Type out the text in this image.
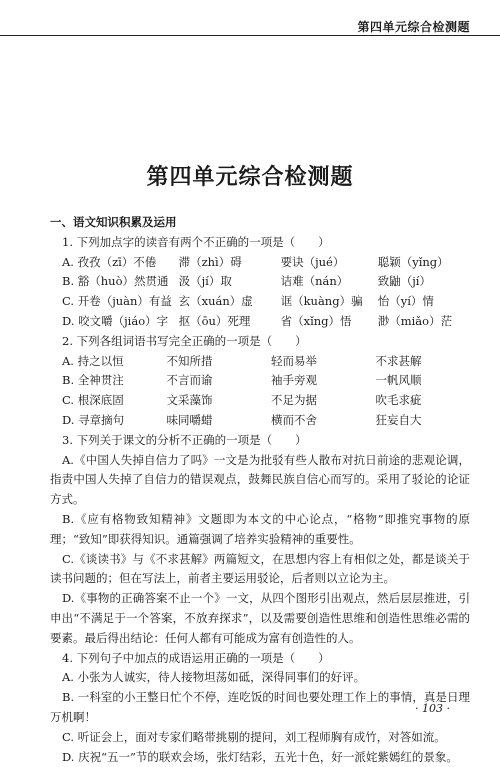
第四单元综合检测题
第四单元综合检测题
一、语文知识积累及运用
1. 下列加点字的读音有两个不正确的一项是（　　）
A. 孜孜（zī）不倦	滞（zhì）碍	要诀（jué）	聪颖（yǐng）
B. 豁（huò）然贯通 汲（jí）取	诘难（nán）	致鼬（jí）
C. 开卷（juàn）有益 玄（xuán）虚	诓（kuàng）骗	怡（yí）情
D. 咬文嚼（jiáo）字 抠（ōu）死理	省（xǐng）悟	渺（miǎo）茫
2. 下列各组词语书写完全正确的一项是（　　）
A. 持之以恒	不知所措	轻而易举	不求甚解
B. 全神贯注	不言而谕	袖手旁观	一帆风顺
C. 根深底固	文采藻饰	不足为据	吹毛求疵
D. 寻章摘句	味同嚼蜡	横而不舍	狂妄自大
3. 下列关于课文的分析不正确的一项是（　　）
A.《中国人失掉自信力了吗》一文是为批驳有些人散布对抗日前途的悲观论调，指责中国人失掉了自信力的错误观点，鼓舞民族自信心而写的。采用了驳论的论证方式。
B.《应有格物致知精神》文题即为本文的中心论点，“格物”即推究事物的原理；“致知”即获得知识。通篇强调了培养实验精神的重要性。
C.《谈读书》与《不求甚解》两篇短文，在思想内容上有相似之处，都是谈关于读书问题的；但在写法上，前者主要运用驳论，后者则以立论为主。
D.《事物的正确答案不止一个》一文，从四个图形引出观点，然后层层推进，引申出“不满足于一个答案，不放弃探求”，以及需要创造性思维和创造性思维必需的要素。最后得出结论：任何人都有可能成为富有创造性的人。
4. 下列句子中加点的成语运用正确的一项是（　　）
A. 小张为人诚实，待人接物坦荡如砥，深得同事们的好评。
B. 一科室的小王整日忙个不停，连吃饭的时间也要处理工作上的事情，真是日理万机啊！
C. 听证会上，面对专家们略带挑剔的提问，刘工程师胸有成竹，对答如流。
D. 庆祝“五一”节的联欢会场，张灯结彩，五光十色，好一派姹紫嫣红的景象。
· 103 ·
